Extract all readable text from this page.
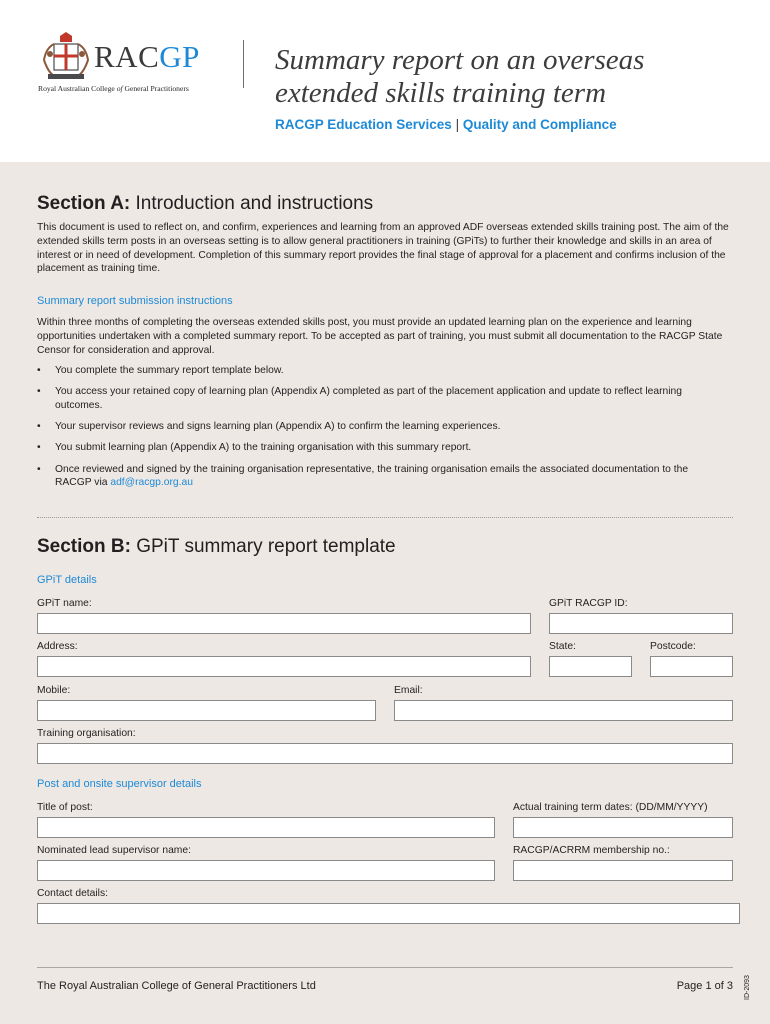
RACGP
Royal Australian College of General Practitioners
Summary report on an overseas
extended skills training term
RACGP Education Services | Quality and Compliance
Section A: Introduction and instructions
This document is used to reflect on, and confirm, experiences and learning from an approved ADF overseas extended skills training post. The aim of the extended skills term posts in an overseas setting is to allow general practitioners in training (GPiTs) to further their knowledge and skills in an area of interest or in need of development. Completion of this summary report provides the final stage of approval for a placement and confirms inclusion of the placement as training time.
Summary report submission instructions
Within three months of completing the overseas extended skills post, you must provide an updated learning plan on the experience and learning opportunities undertaken with a completed summary report. To be accepted as part of training, you must submit all documentation to the RACGP State Censor for consideration and approval.
• You complete the summary report template below.
• You access your retained copy of learning plan (Appendix A) completed as part of the placement application and update to reflect learning outcomes.
• Your supervisor reviews and signs learning plan (Appendix A) to confirm the learning experiences.
• You submit learning plan (Appendix A) to the training organisation with this summary report.
• Once reviewed and signed by the training organisation representative, the training organisation emails the associated documentation to the RACGP via adf@racgp.org.au
Section B: GPiT summary report template
GPiT details
GPiT name:	GPiT RACGP ID:
Address:	State:	Postcode:
Mobile:	Email:
Training organisation:
Post and onsite supervisor details
Title of post:	Actual training term dates: (DD/MM/YYYY)
Nominated lead supervisor name:	RACGP/ACRRM membership no.:
Contact details:
The Royal Australian College of General Practitioners Ltd	Page 1 of 3 ID-2093
